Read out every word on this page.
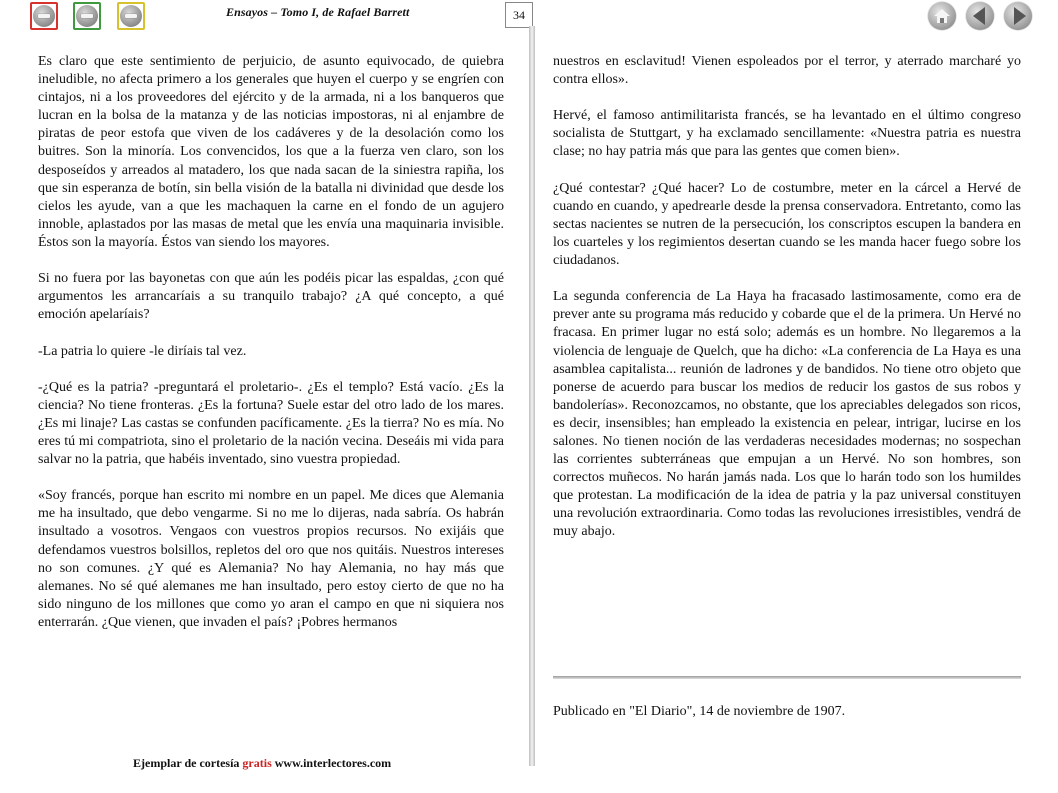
Ensayos – Tomo I, de Rafael Barrett	34

Es claro que este sentimiento de perjuicio, de asunto equivocado, de quiebra ineludible, no afecta primero a los generales que huyen el cuerpo y se engríen con cintajos, ni a los proveedores del ejército y de la armada, ni a los banqueros que lucran en la bolsa de la matanza y de las noticias impostoras, ni al enjambre de piratas de peor estofa que viven de los cadáveres y de la desolación como los buitres. Son la minoría. Los convencidos, los que a la fuerza ven claro, son los desposeídos y arreados al matadero, los que nada sacan de la siniestra rapiña, los que sin esperanza de botín, sin bella visión de la batalla ni divinidad que desde los cielos les ayude, van a que les machaquen la carne en el fondo de un agujero innoble, aplastados por las masas de metal que les envía una maquinaria invisible. Éstos son la mayoría. Éstos van siendo los mayores.

Si no fuera por las bayonetas con que aún les podéis picar las espaldas, ¿con qué argumentos les arrancaríais a su tranquilo trabajo? ¿A qué concepto, a qué emoción apelaríais?

-La patria lo quiere -le diríais tal vez.

-¿Qué es la patria? -preguntará el proletario-. ¿Es el templo? Está vacío. ¿Es la ciencia? No tiene fronteras. ¿Es la fortuna? Suele estar del otro lado de los mares. ¿Es mi linaje? Las castas se confunden pacíficamente. ¿Es la tierra? No es mía. No eres tú mi compatriota, sino el proletario de la nación vecina. Deseáis mi vida para salvar no la patria, que habéis inventado, sino vuestra propiedad.

«Soy francés, porque han escrito mi nombre en un papel. Me dices que Alemania me ha insultado, que debo vengarme. Si no me lo dijeras, nada sabría. Os habrán insultado a vosotros. Vengaos con vuestros propios recursos. No exijáis que defendamos vuestros bolsillos, repletos del oro que nos quitáis. Nuestros intereses no son comunes. ¿Y qué es Alemania? No hay Alemania, no hay más que alemanes. No sé qué alemanes me han insultado, pero estoy cierto de que no ha sido ninguno de los millones que como yo aran el campo en que ni siquiera nos enterrarán. ¿Que vienen, que invaden el país? ¡Pobres hermanos

nuestros en esclavitud! Vienen espoleados por el terror, y aterrado marcharé yo contra ellos».

Hervé, el famoso antimilitarista francés, se ha levantado en el último congreso socialista de Stuttgart, y ha exclamado sencillamente: «Nuestra patria es nuestra clase; no hay patria más que para las gentes que comen bien».

¿Qué contestar? ¿Qué hacer? Lo de costumbre, meter en la cárcel a Hervé de cuando en cuando, y apedrearle desde la prensa conservadora. Entretanto, como las sectas nacientes se nutren de la persecución, los conscriptos escupen la bandera en los cuarteles y los regimientos desertan cuando se les manda hacer fuego sobre los ciudadanos.

La segunda conferencia de La Haya ha fracasado lastimosamente, como era de prever ante su programa más reducido y cobarde que el de la primera. Un Hervé no fracasa. En primer lugar no está solo; además es un hombre. No llegaremos a la violencia de lenguaje de Quelch, que ha dicho: «La conferencia de La Haya es una asamblea capitalista... reunión de ladrones y de bandidos. No tiene otro objeto que ponerse de acuerdo para buscar los medios de reducir los gastos de sus robos y bandolerías». Reconozcamos, no obstante, que los apreciables delegados son ricos, es decir, insensibles; han empleado la existencia en pelear, intrigar, lucirse en los salones. No tienen noción de las verdaderas necesidades modernas; no sospechan las corrientes subterráneas que empujan a un Hervé. No son hombres, son correctos muñecos. No harán jamás nada. Los que lo harán todo son los humildes que protestan. La modificación de la idea de patria y la paz universal constituyen una revolución extraordinaria. Como todas las revoluciones irresistibles, vendrá de muy abajo.

Publicado en "El Diario", 14 de noviembre de 1907.
Ejemplar de cortesía gratis www.interlectores.com
